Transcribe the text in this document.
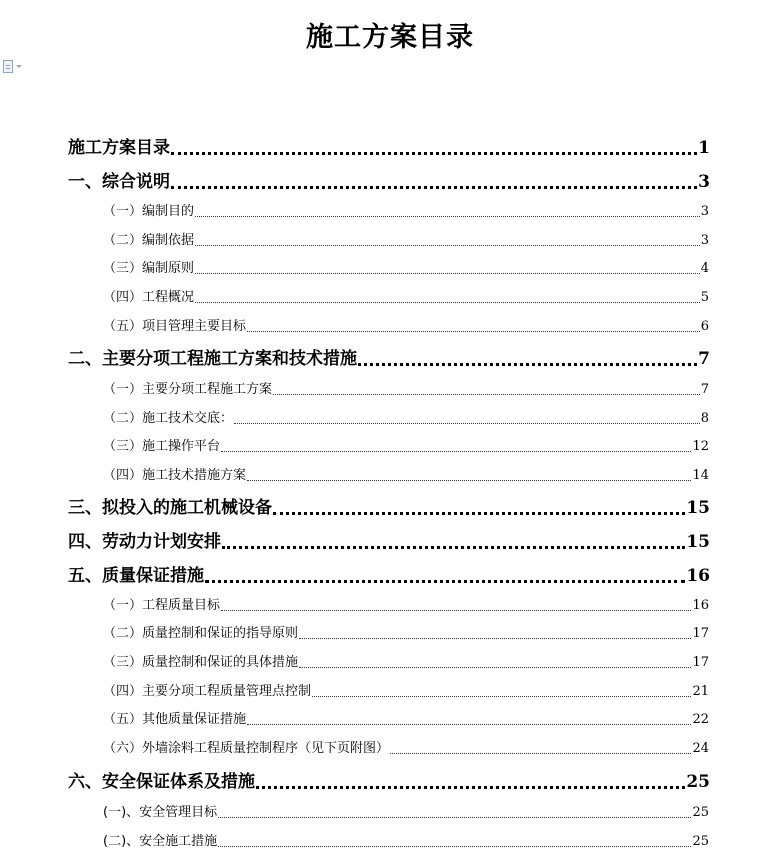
施工方案目录
施工方案目录	1
一、综合说明	3
（一）编制目的	3
（二）编制依据	3
（三）编制原则	4
（四）工程概况	5
（五）项目管理主要目标	6
二、主要分项工程施工方案和技术措施	7
（一）主要分项工程施工方案	7
（二）施工技术交底：	8
（三）施工操作平台	12
（四）施工技术措施方案	14
三、拟投入的施工机械设备	15
四、劳动力计划安排	15
五、质量保证措施	16
（一）工程质量目标	16
（二）质量控制和保证的指导原则	17
（三）质量控制和保证的具体措施	17
（四）主要分项工程质量管理点控制	21
（五）其他质量保证措施	22
（六）外墙涂料工程质量控制程序（见下页附图）	24
六、安全保证体系及措施	25
(一)、安全管理目标	25
(二)、安全施工措施	25
